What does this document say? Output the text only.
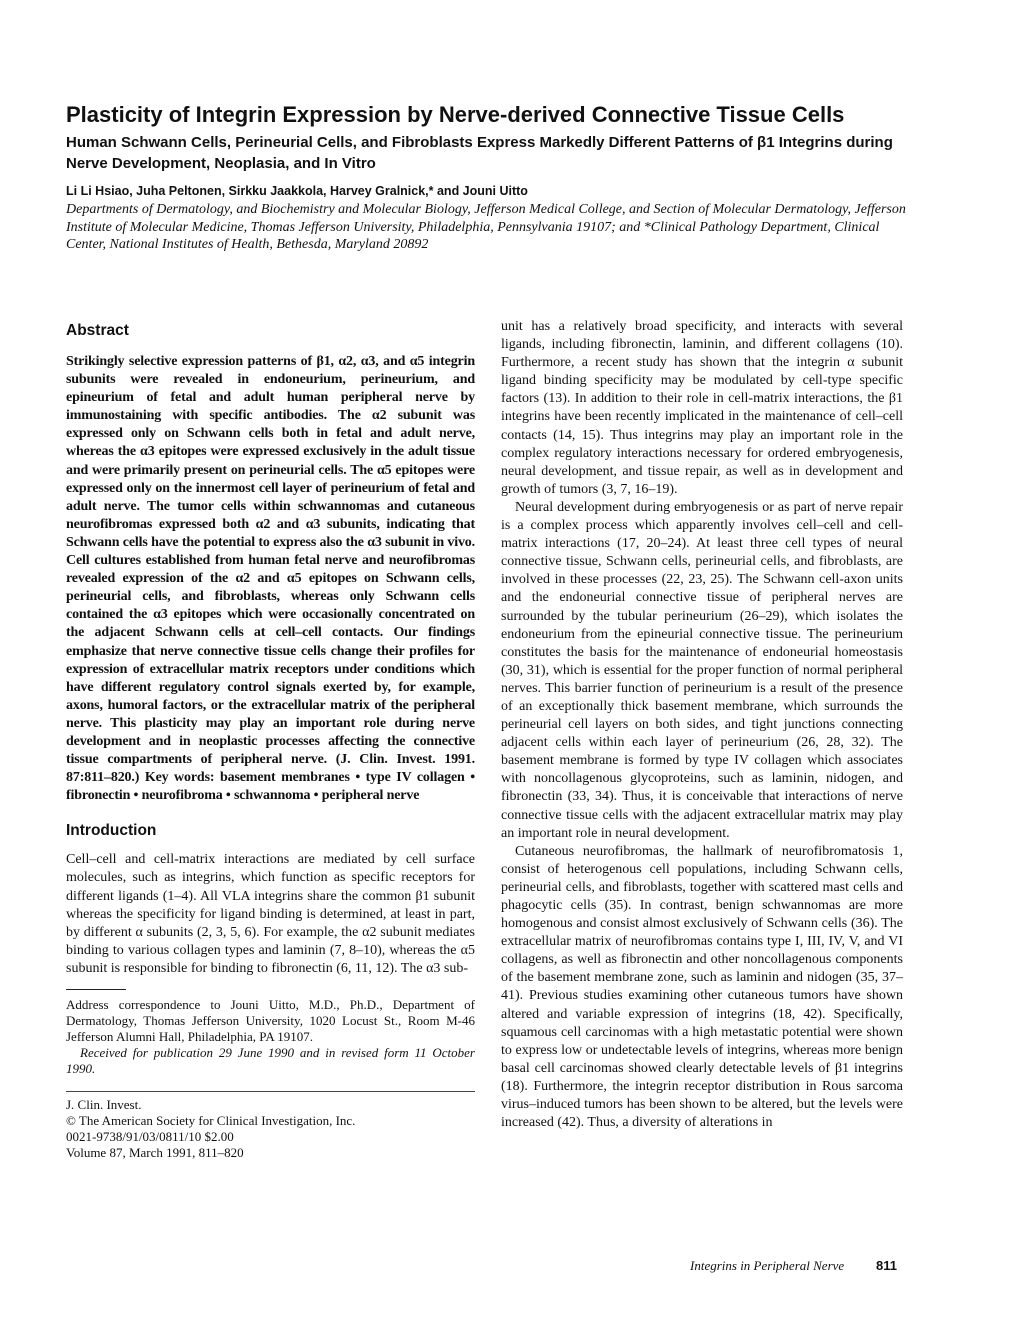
Plasticity of Integrin Expression by Nerve-derived Connective Tissue Cells
Human Schwann Cells, Perineurial Cells, and Fibroblasts Express Markedly Different Patterns of β1 Integrins during Nerve Development, Neoplasia, and In Vitro
Li Li Hsiao, Juha Peltonen, Sirkku Jaakkola, Harvey Gralnick,* and Jouni Uitto
Departments of Dermatology, and Biochemistry and Molecular Biology, Jefferson Medical College, and Section of Molecular Dermatology, Jefferson Institute of Molecular Medicine, Thomas Jefferson University, Philadelphia, Pennsylvania 19107; and *Clinical Pathology Department, Clinical Center, National Institutes of Health, Bethesda, Maryland 20892
Abstract

Strikingly selective expression patterns of β1, α2, α3, and α5 integrin subunits were revealed in endoneurium, perineurium, and epineurium of fetal and adult human peripheral nerve by immunostaining with specific antibodies. The α2 subunit was expressed only on Schwann cells both in fetal and adult nerve, whereas the α3 epitopes were expressed exclusively in the adult tissue and were primarily present on perineurial cells. The α5 epitopes were expressed only on the innermost cell layer of perineurium of fetal and adult nerve. The tumor cells within schwannomas and cutaneous neurofibromas expressed both α2 and α3 subunits, indicating that Schwann cells have the potential to express also the α3 subunit in vivo. Cell cultures established from human fetal nerve and neurofibromas revealed expression of the α2 and α5 epitopes on Schwann cells, perineurial cells, and fibroblasts, whereas only Schwann cells contained the α3 epitopes which were occasionally concentrated on the adjacent Schwann cells at cell–cell contacts. Our findings emphasize that nerve connective tissue cells change their profiles for expression of extracellular matrix receptors under conditions which have different regulatory control signals exerted by, for example, axons, humoral factors, or the extracellular matrix of the peripheral nerve. This plasticity may play an important role during nerve development and in neoplastic processes affecting the connective tissue compartments of peripheral nerve. (J. Clin. Invest. 1991. 87:811–820.) Key words: basement membranes • type IV collagen • fibronectin • neurofibroma • schwannoma • peripheral nerve

Introduction

Cell–cell and cell-matrix interactions are mediated by cell surface molecules, such as integrins, which function as specific receptors for different ligands (1–4). All VLA integrins share the common β1 subunit whereas the specificity for ligand binding is determined, at least in part, by different α subunits (2, 3, 5, 6). For example, the α2 subunit mediates binding to various collagen types and laminin (7, 8–10), whereas the α5 subunit is responsible for binding to fibronectin (6, 11, 12). The α3 sub-

Address correspondence to Jouni Uitto, M.D., Ph.D., Department of Dermatology, Thomas Jefferson University, 1020 Locust St., Room M-46 Jefferson Alumni Hall, Philadelphia, PA 19107.

Received for publication 29 June 1990 and in revised form 11 October 1990.

J. Clin. Invest.

© The American Society for Clinical Investigation, Inc.

0021-9738/91/03/0811/10 $2.00

Volume 87, March 1991, 811–820

unit has a relatively broad specificity, and interacts with several ligands, including fibronectin, laminin, and different collagens (10). Furthermore, a recent study has shown that the integrin α subunit ligand binding specificity may be modulated by cell-type specific factors (13). In addition to their role in cell-matrix interactions, the β1 integrins have been recently implicated in the maintenance of cell–cell contacts (14, 15). Thus integrins may play an important role in the complex regulatory interactions necessary for ordered embryogenesis, neural development, and tissue repair, as well as in development and growth of tumors (3, 7, 16–19).

Neural development during embryogenesis or as part of nerve repair is a complex process which apparently involves cell–cell and cell-matrix interactions (17, 20–24). At least three cell types of neural connective tissue, Schwann cells, perineurial cells, and fibroblasts, are involved in these processes (22, 23, 25). The Schwann cell-axon units and the endoneurial connective tissue of peripheral nerves are surrounded by the tubular perineurium (26–29), which isolates the endoneurium from the epineurial connective tissue. The perineurium constitutes the basis for the maintenance of endoneurial homeostasis (30, 31), which is essential for the proper function of normal peripheral nerves. This barrier function of perineurium is a result of the presence of an exceptionally thick basement membrane, which surrounds the perineurial cell layers on both sides, and tight junctions connecting adjacent cells within each layer of perineurium (26, 28, 32). The basement membrane is formed by type IV collagen which associates with noncollagenous glycoproteins, such as laminin, nidogen, and fibronectin (33, 34). Thus, it is conceivable that interactions of nerve connective tissue cells with the adjacent extracellular matrix may play an important role in neural development.

Cutaneous neurofibromas, the hallmark of neurofibromatosis 1, consist of heterogenous cell populations, including Schwann cells, perineurial cells, and fibroblasts, together with scattered mast cells and phagocytic cells (35). In contrast, benign schwannomas are more homogenous and consist almost exclusively of Schwann cells (36). The extracellular matrix of neurofibromas contains type I, III, IV, V, and VI collagens, as well as fibronectin and other noncollagenous components of the basement membrane zone, such as laminin and nidogen (35, 37–41). Previous studies examining other cutaneous tumors have shown altered and variable expression of integrins (18, 42). Specifically, squamous cell carcinomas with a high metastatic potential were shown to express low or undetectable levels of integrins, whereas more benign basal cell carcinomas showed clearly detectable levels of β1 integrins (18). Furthermore, the integrin receptor distribution in Rous sarcoma virus–induced tumors has been shown to be altered, but the levels were increased (42). Thus, a diversity of alterations in

Integrins in Peripheral Nerve 811
